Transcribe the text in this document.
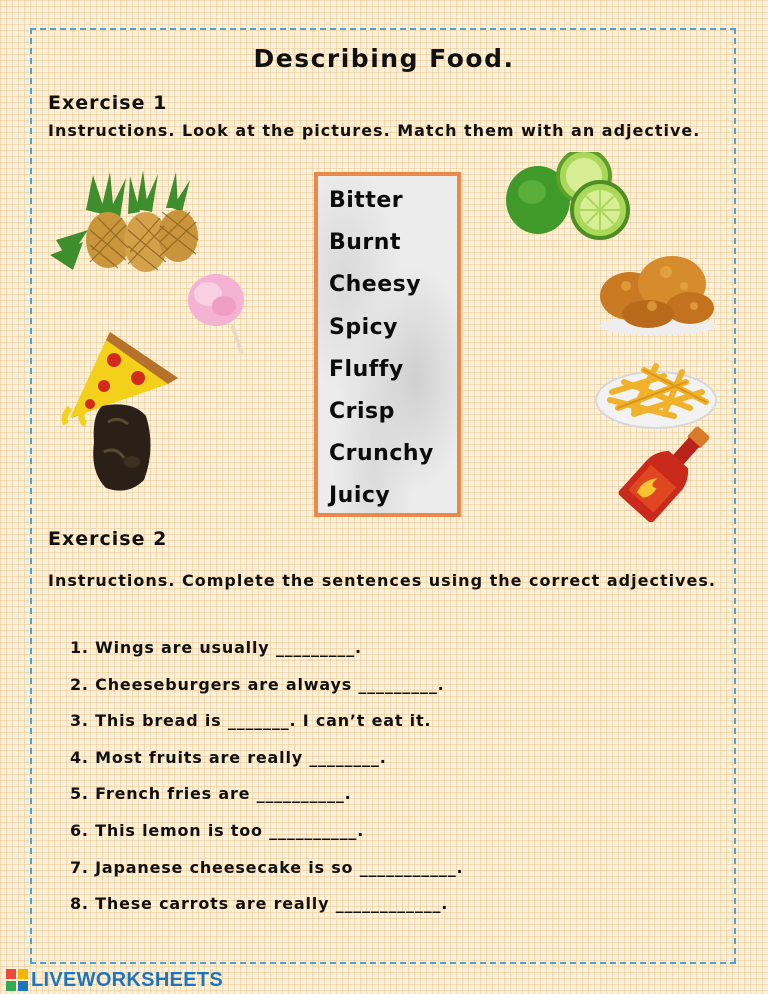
Describing Food.
Exercise 1
Instructions. Look at the pictures. Match them with an adjective.
Bitter
Burnt
Cheesy
Spicy
Fluffy
Crisp
Crunchy
Juicy
Exercise 2
Instructions. Complete the sentences using the correct adjectives.
1. Wings are usually _________.
2. Cheeseburgers are always _________.
3. This bread is _______. I can’t eat it.
4. Most fruits are really ________.
5. French fries are __________.
6. This lemon is too __________.
7. Japanese cheesecake is so ___________.
8. These carrots are really ____________.
LIVEWORKSHEETS
